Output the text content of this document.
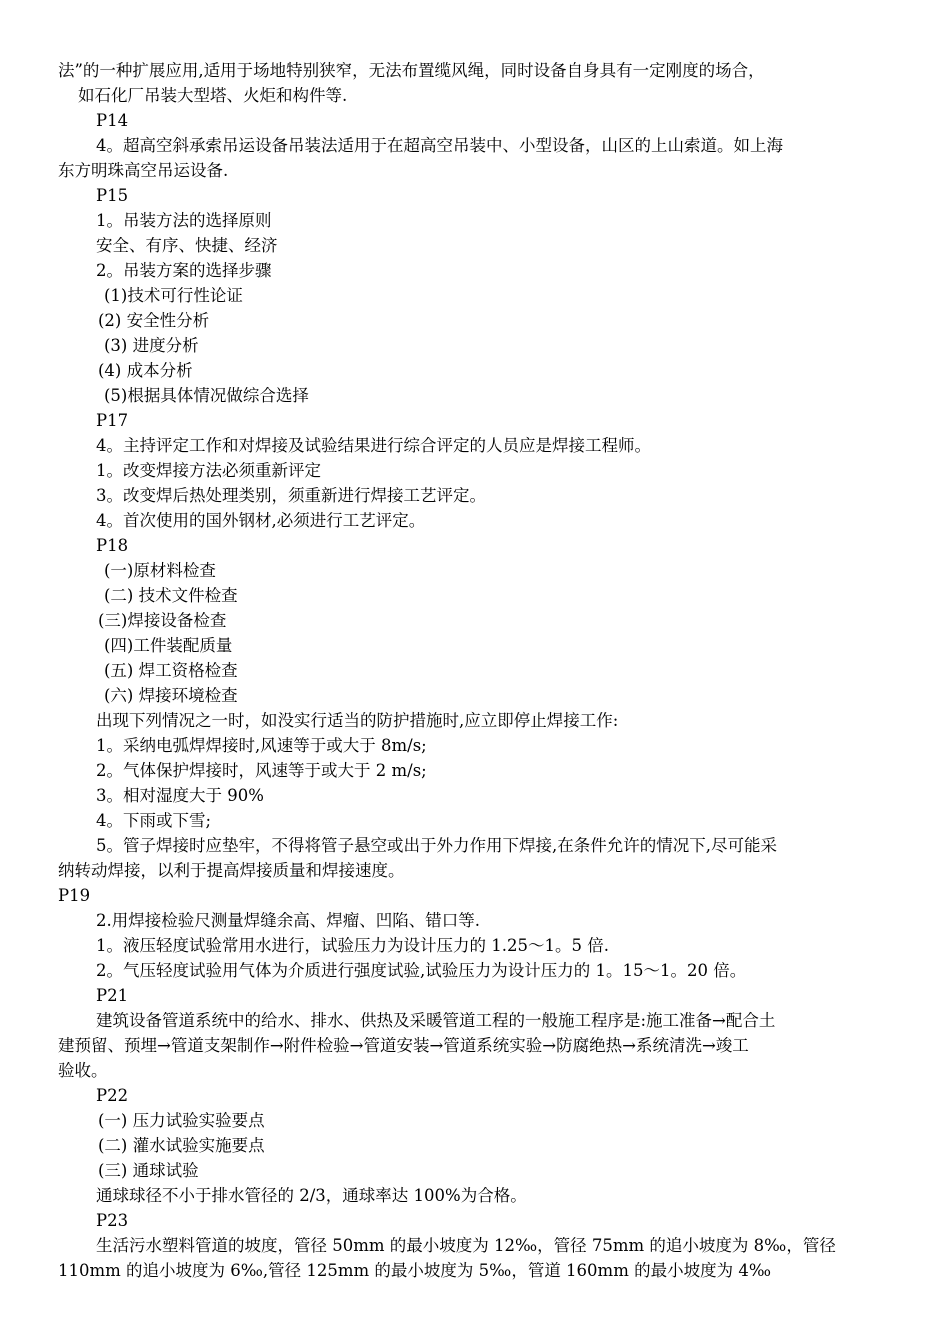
法”的一种扩展应用,适用于场地特别狭窄，无法布置缆风绳，同时设备自身具有一定刚度的场合，
如石化厂吊装大型塔、火炬和构件等.
P14
4。超高空斜承索吊运设备吊装法适用于在超高空吊装中、小型设备，山区的上山索道。如上海
东方明珠高空吊运设备.
P15
1。吊装方法的选择原则
安全、有序、快捷、经济
2。吊装方案的选择步骤
(1)技术可行性论证
(2) 安全性分析
(3) 进度分析
(4) 成本分析
(5)根据具体情况做综合选择
P17
4。主持评定工作和对焊接及试验结果进行综合评定的人员应是焊接工程师。
1。改变焊接方法必须重新评定
3。改变焊后热处理类别，须重新进行焊接工艺评定。
4。首次使用的国外钢材,必须进行工艺评定。
P18
(一)原材料检查
(二) 技术文件检查
(三)焊接设备检查
(四)工件装配质量
(五) 焊工资格检查
(六) 焊接环境检查
出现下列情况之一时，如没实行适当的防护措施时,应立即停止焊接工作:
1。采纳电弧焊焊接时,风速等于或大于 8m/s;
2。气体保护焊接时，风速等于或大于 2 m/s;
3。相对湿度大于 90%
4。下雨或下雪;
5。管子焊接时应垫牢，不得将管子悬空或出于外力作用下焊接,在条件允许的情况下,尽可能采
纳转动焊接，以利于提高焊接质量和焊接速度。
P19
2.用焊接检验尺测量焊缝余高、焊瘤、凹陷、错口等.
1。液压轻度试验常用水进行，试验压力为设计压力的 1.25～1。5 倍.
2。气压轻度试验用气体为介质进行强度试验,试验压力为设计压力的 1。15～1。20 倍。
P21
建筑设备管道系统中的给水、排水、供热及采暖管道工程的一般施工程序是:施工准备→配合土
建预留、预埋→管道支架制作→附件检验→管道安装→管道系统实验→防腐绝热→系统清洗→竣工
验收。
P22
(一) 压力试验实验要点
(二) 灌水试验实施要点
(三) 通球试验
通球球径不小于排水管径的 2/3，通球率达 100%为合格。
P23
生活污水塑料管道的坡度，管径 50mm 的最小坡度为 12‰，管径 75mm 的追小坡度为 8‰，管径
110mm 的追小坡度为 6‰,管径 125mm 的最小坡度为 5‰，管道 160mm 的最小坡度为 4‰
